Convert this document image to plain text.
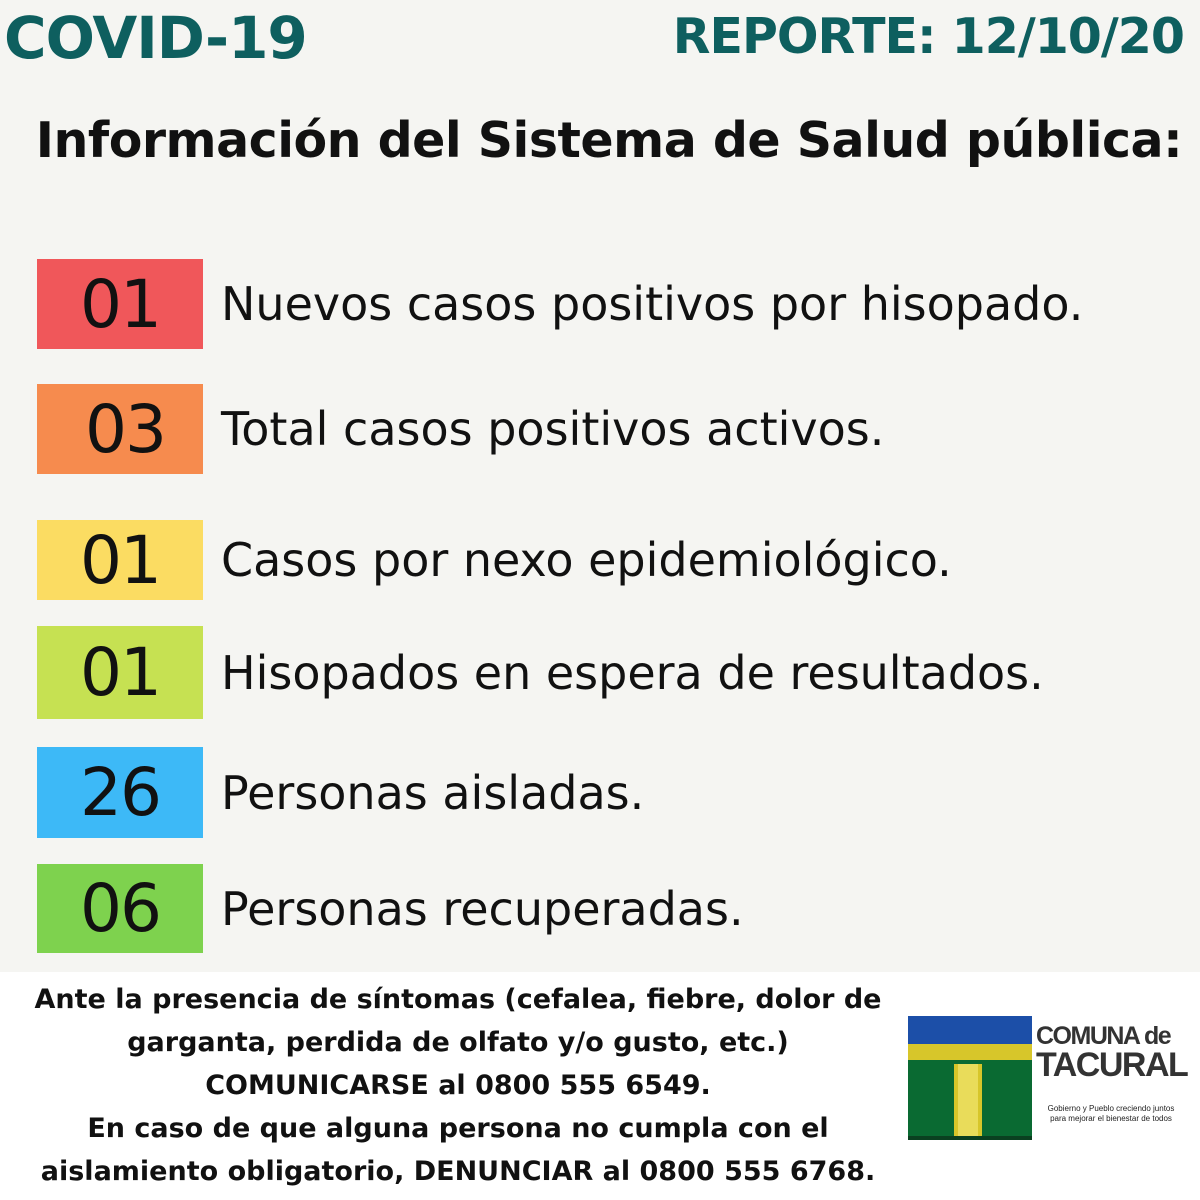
COVID-19	REPORTE: 12/10/20
Información del Sistema de Salud pública:
01	Nuevos casos positivos por hisopado.
03	Total casos positivos activos.
01	Casos por nexo epidemiológico.
01	Hisopados en espera de resultados.
26	Personas aisladas.
06	Personas recuperadas.
Ante la presencia de síntomas (cefalea, fiebre, dolor de
garganta, perdida de olfato y/o gusto, etc.)
COMUNICARSE al 0800 555 6549.
En caso de que alguna persona no cumpla con el
aislamiento obligatorio, DENUNCIAR al 0800 555 6768.
COMUNA de
TACURAL
Gobierno y Pueblo creciendo juntos
para mejorar el bienestar de todos
